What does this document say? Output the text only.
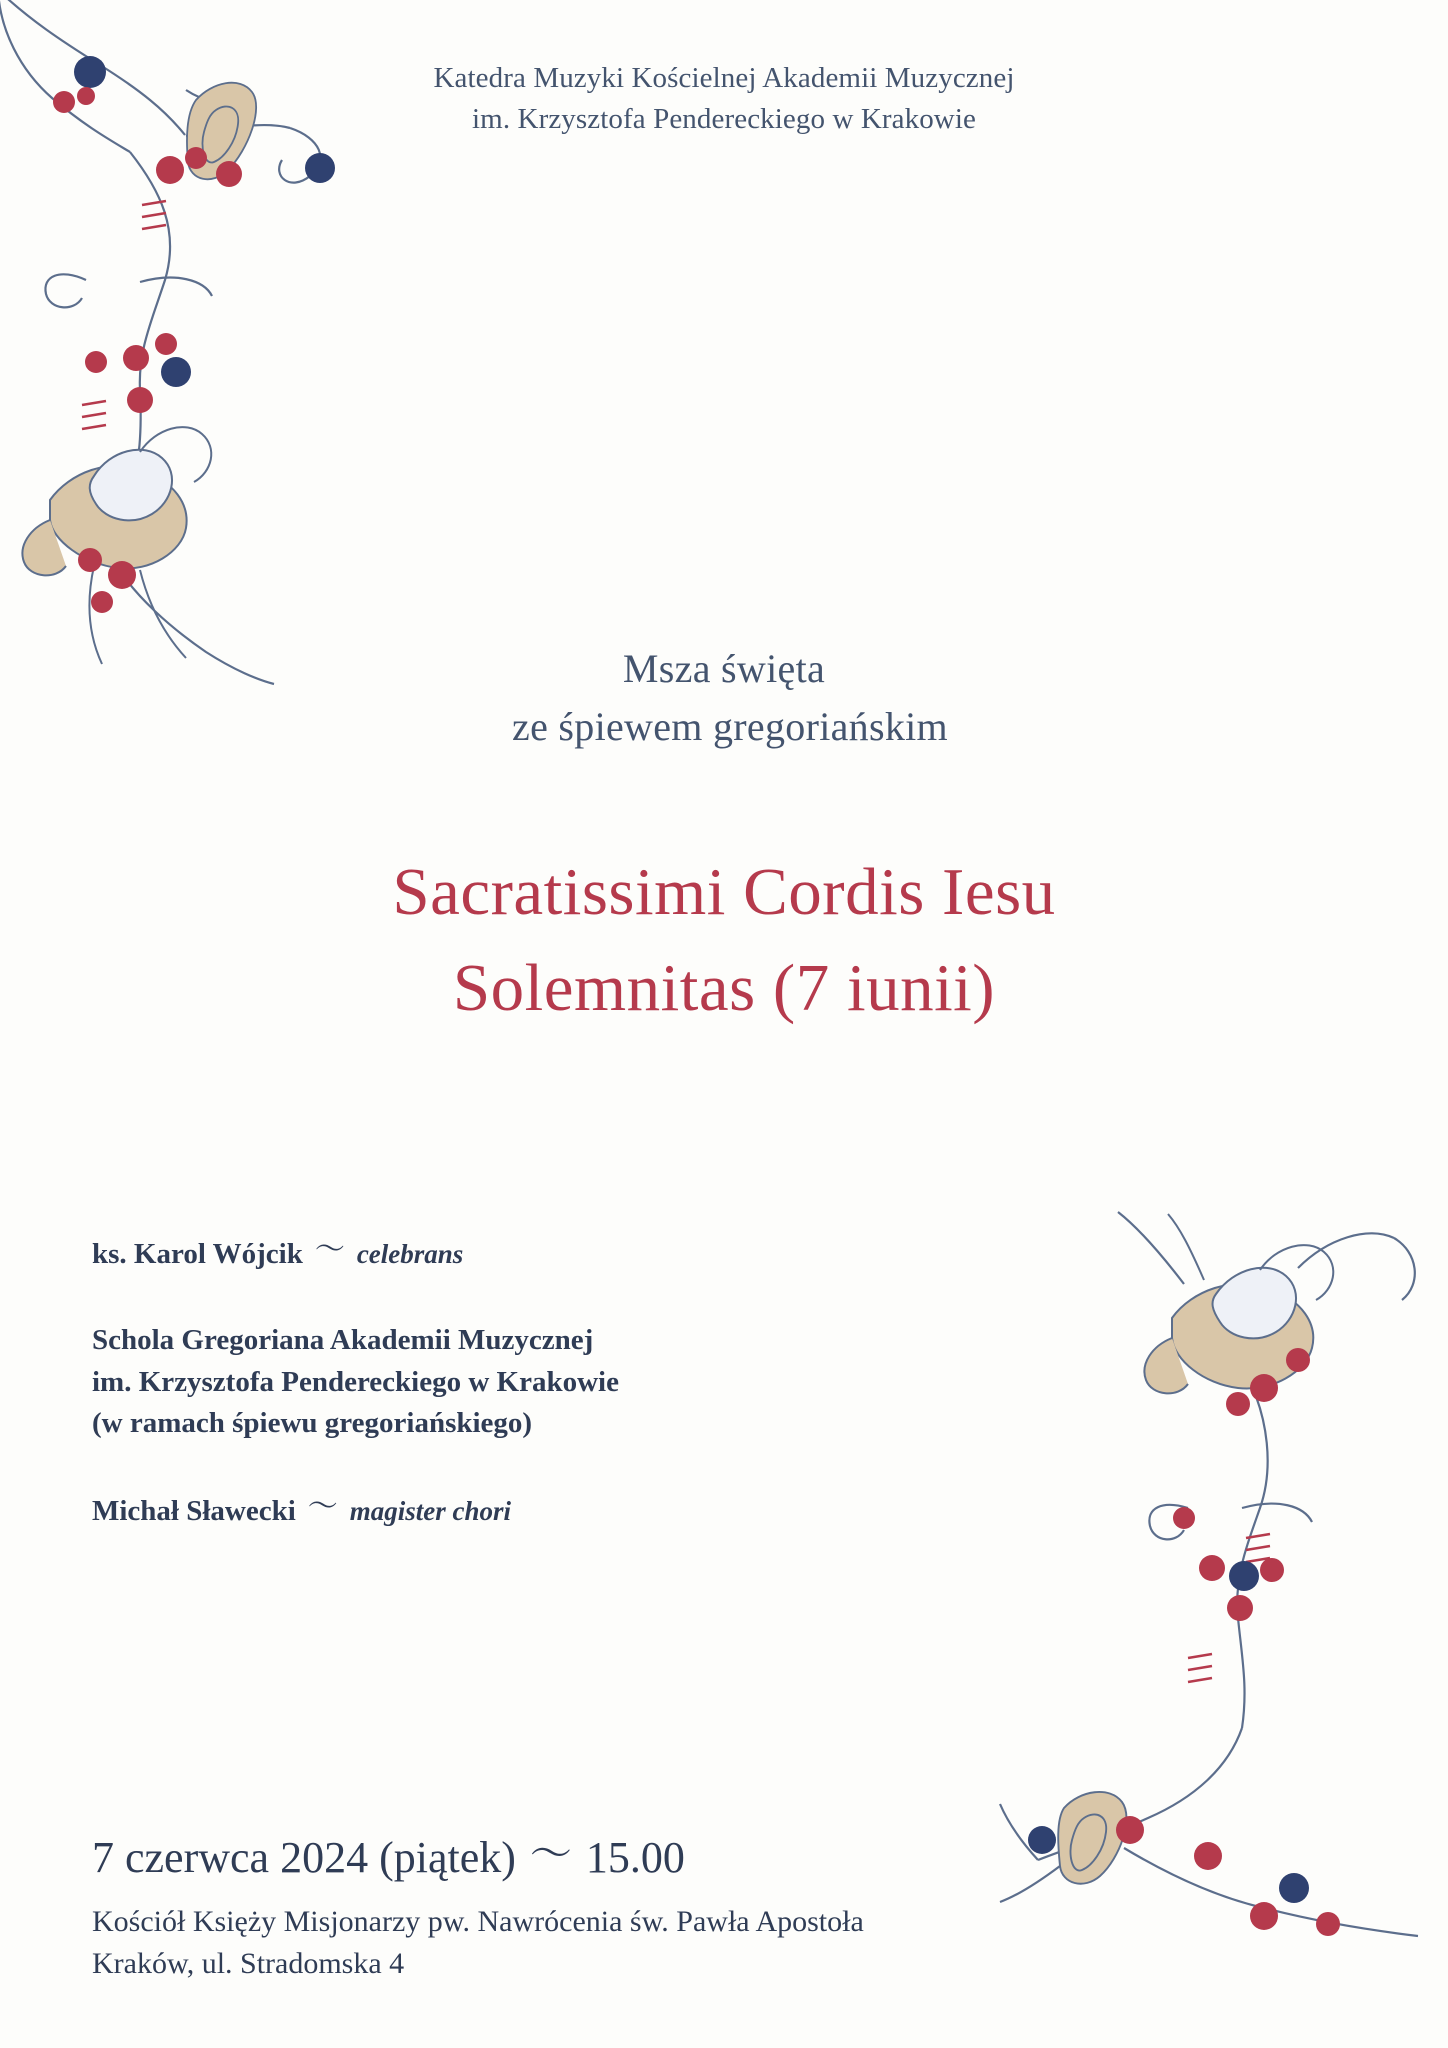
Katedra Muzyki Kościelnej Akademii Muzycznej
im. Krzysztofa Pendereckiego w Krakowie
Msza święta
ze śpiewem gregoriańskim
Sacratissimi Cordis Iesu
Solemnitas (7 iunii)
ks. Karol Wójcik 〜 celebrans
Schola Gregoriana Akademii Muzycznej
im. Krzysztofa Pendereckiego w Krakowie
(w ramach śpiewu gregoriańskiego)
Michał Sławecki 〜 magister chori
7 czerwca 2024 (piątek) 〜 15.00
Kościół Księży Misjonarzy pw. Nawrócenia św. Pawła Apostoła
Kraków, ul. Stradomska 4
